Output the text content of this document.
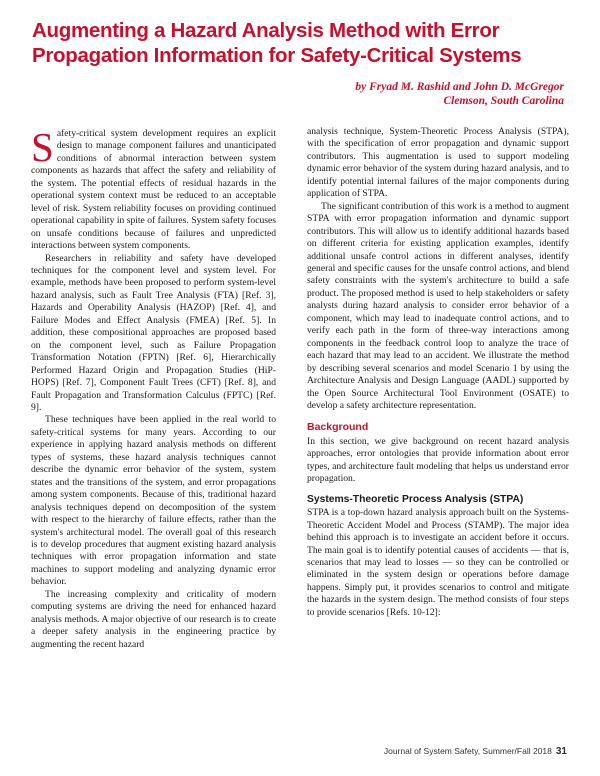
Augmenting a Hazard Analysis Method with Error Propagation Information for Safety-Critical Systems
by Fryad M. Rashid and John D. McGregor
Clemson, South Carolina

Safety-critical system development requires an explicit design to manage component failures and unanticipated conditions of abnormal interaction between system components as hazards that affect the safety and reliability of the system. The potential effects of residual hazards in the operational system context must be reduced to an acceptable level of risk. System reliability focuses on providing continued operational capability in spite of failures. System safety focuses on unsafe conditions because of failures and unpredicted interactions between system components.

Researchers in reliability and safety have developed techniques for the component level and system level. For example, methods have been proposed to perform system-level hazard analysis, such as Fault Tree Analysis (FTA) [Ref. 3], Hazards and Operability Analysis (HAZOP) [Ref. 4], and Failure Modes and Effect Analysis (FMEA) [Ref. 5]. In addition, these compositional approaches are proposed based on the component level, such as Failure Propagation Transformation Notation (FPTN) [Ref. 6], Hierarchically Performed Hazard Origin and Propagation Studies (HiP-HOPS) [Ref. 7], Component Fault Trees (CFT) [Ref. 8], and Fault Propagation and Transformation Calculus (FPTC) [Ref. 9].

These techniques have been applied in the real world to safety-critical systems for many years. According to our experience in applying hazard analysis methods on different types of systems, these hazard analysis techniques cannot describe the dynamic error behavior of the system, system states and the transitions of the system, and error propagations among system components. Because of this, traditional hazard analysis techniques depend on decomposition of the system with respect to the hierarchy of failure effects, rather than the system's architectural model. The overall goal of this research is to develop procedures that augment existing hazard analysis techniques with error propagation information and state machines to support modeling and analyzing dynamic error behavior.

The increasing complexity and criticality of modern computing systems are driving the need for enhanced hazard analysis methods. A major objective of our research is to create a deeper safety analysis in the engineering practice by augmenting the recent hazard

analysis technique, System-Theoretic Process Analysis (STPA), with the specification of error propagation and dynamic support contributors. This augmentation is used to support modeling dynamic error behavior of the system during hazard analysis, and to identify potential internal failures of the major components during application of STPA.

The significant contribution of this work is a method to augment STPA with error propagation information and dynamic support contributors. This will allow us to identify additional hazards based on different criteria for existing application examples, identify additional unsafe control actions in different analyses, identify general and specific causes for the unsafe control actions, and blend safety constraints with the system's architecture to build a safe product. The proposed method is used to help stakeholders or safety analysts during hazard analysis to consider error behavior of a component, which may lead to inadequate control actions, and to verify each path in the form of three-way interactions among components in the feedback control loop to analyze the trace of each hazard that may lead to an accident. We illustrate the method by describing several scenarios and model Scenario 1 by using the Architecture Analysis and Design Language (AADL) supported by the Open Source Architectural Tool Environment (OSATE) to develop a safety architecture representation.

Background

In this section, we give background on recent hazard analysis approaches, error ontologies that provide information about error types, and architecture fault modeling that helps us understand error propagation.

Systems-Theoretic Process Analysis (STPA)

STPA is a top-down hazard analysis approach built on the Systems-Theoretic Accident Model and Process (STAMP). The major idea behind this approach is to investigate an accident before it occurs. The main goal is to identify potential causes of accidents — that is, scenarios that may lead to losses — so they can be controlled or eliminated in the system design or operations before damage happens. Simply put, it provides scenarios to control and mitigate the hazards in the system design. The method consists of four steps to provide scenarios [Refs. 10-12]:

Journal of System Safety, Summer/Fall 2018 31
